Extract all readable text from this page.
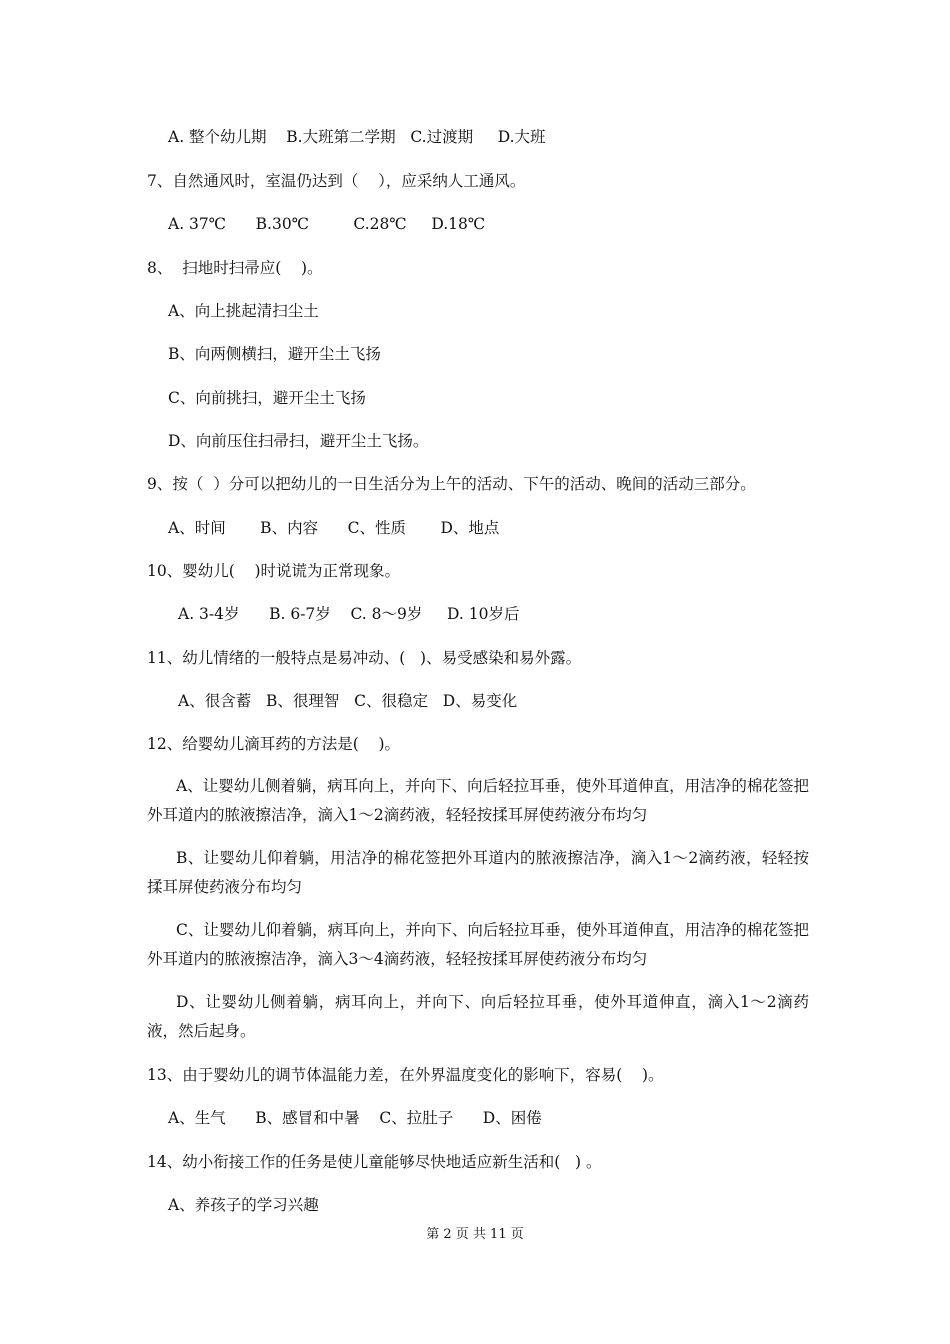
A. 整个幼儿期    B.大班第二学期   C.过渡期     D.大班
7、自然通风时，室温仍达到（    ），应采纳人工通风。
A. 37℃      B.30℃         C.28℃     D.18℃
8、  扫地时扫帚应(    )。
A、向上挑起清扫尘土
B、向两侧横扫，避开尘土飞扬
C、向前挑扫，避开尘土飞扬
D、向前压住扫帚扫，避开尘土飞扬。
9、按（  ）分可以把幼儿的一日生活分为上午的活动、下午的活动、晚间的活动三部分。
A、时间       B、内容      C、性质       D、地点
10、婴幼儿(    )时说谎为正常现象。
A. 3-4岁      B. 6-7岁    C. 8～9岁     D. 10岁后
11、幼儿情绪的一般特点是易冲动、(   )、易受感染和易外露。
A、很含蓄   B、很理智   C、很稳定   D、易变化
12、给婴幼儿滴耳药的方法是(    )。
A、让婴幼儿侧着躺，病耳向上，并向下、向后轻拉耳垂，使外耳道伸直，用洁净的棉花签把外耳道内的脓液擦洁净，滴入1～2滴药液，轻轻按揉耳屏使药液分布均匀
B、让婴幼儿仰着躺，用洁净的棉花签把外耳道内的脓液擦洁净，滴入1～2滴药液，轻轻按揉耳屏使药液分布均匀
C、让婴幼儿仰着躺，病耳向上，并向下、向后轻拉耳垂，使外耳道伸直，用洁净的棉花签把外耳道内的脓液擦洁净，滴入3～4滴药液，轻轻按揉耳屏使药液分布均匀
D、让婴幼儿侧着躺，病耳向上，并向下、向后轻拉耳垂，使外耳道伸直，滴入1～2滴药液，然后起身。
13、由于婴幼儿的调节体温能力差，在外界温度变化的影响下，容易(    )。
A、生气      B、感冒和中暑    C、拉肚子      D、困倦
14、幼小衔接工作的任务是使儿童能够尽快地适应新生活和(   ) 。
A、养孩子的学习兴趣
第 2 页 共 11 页
